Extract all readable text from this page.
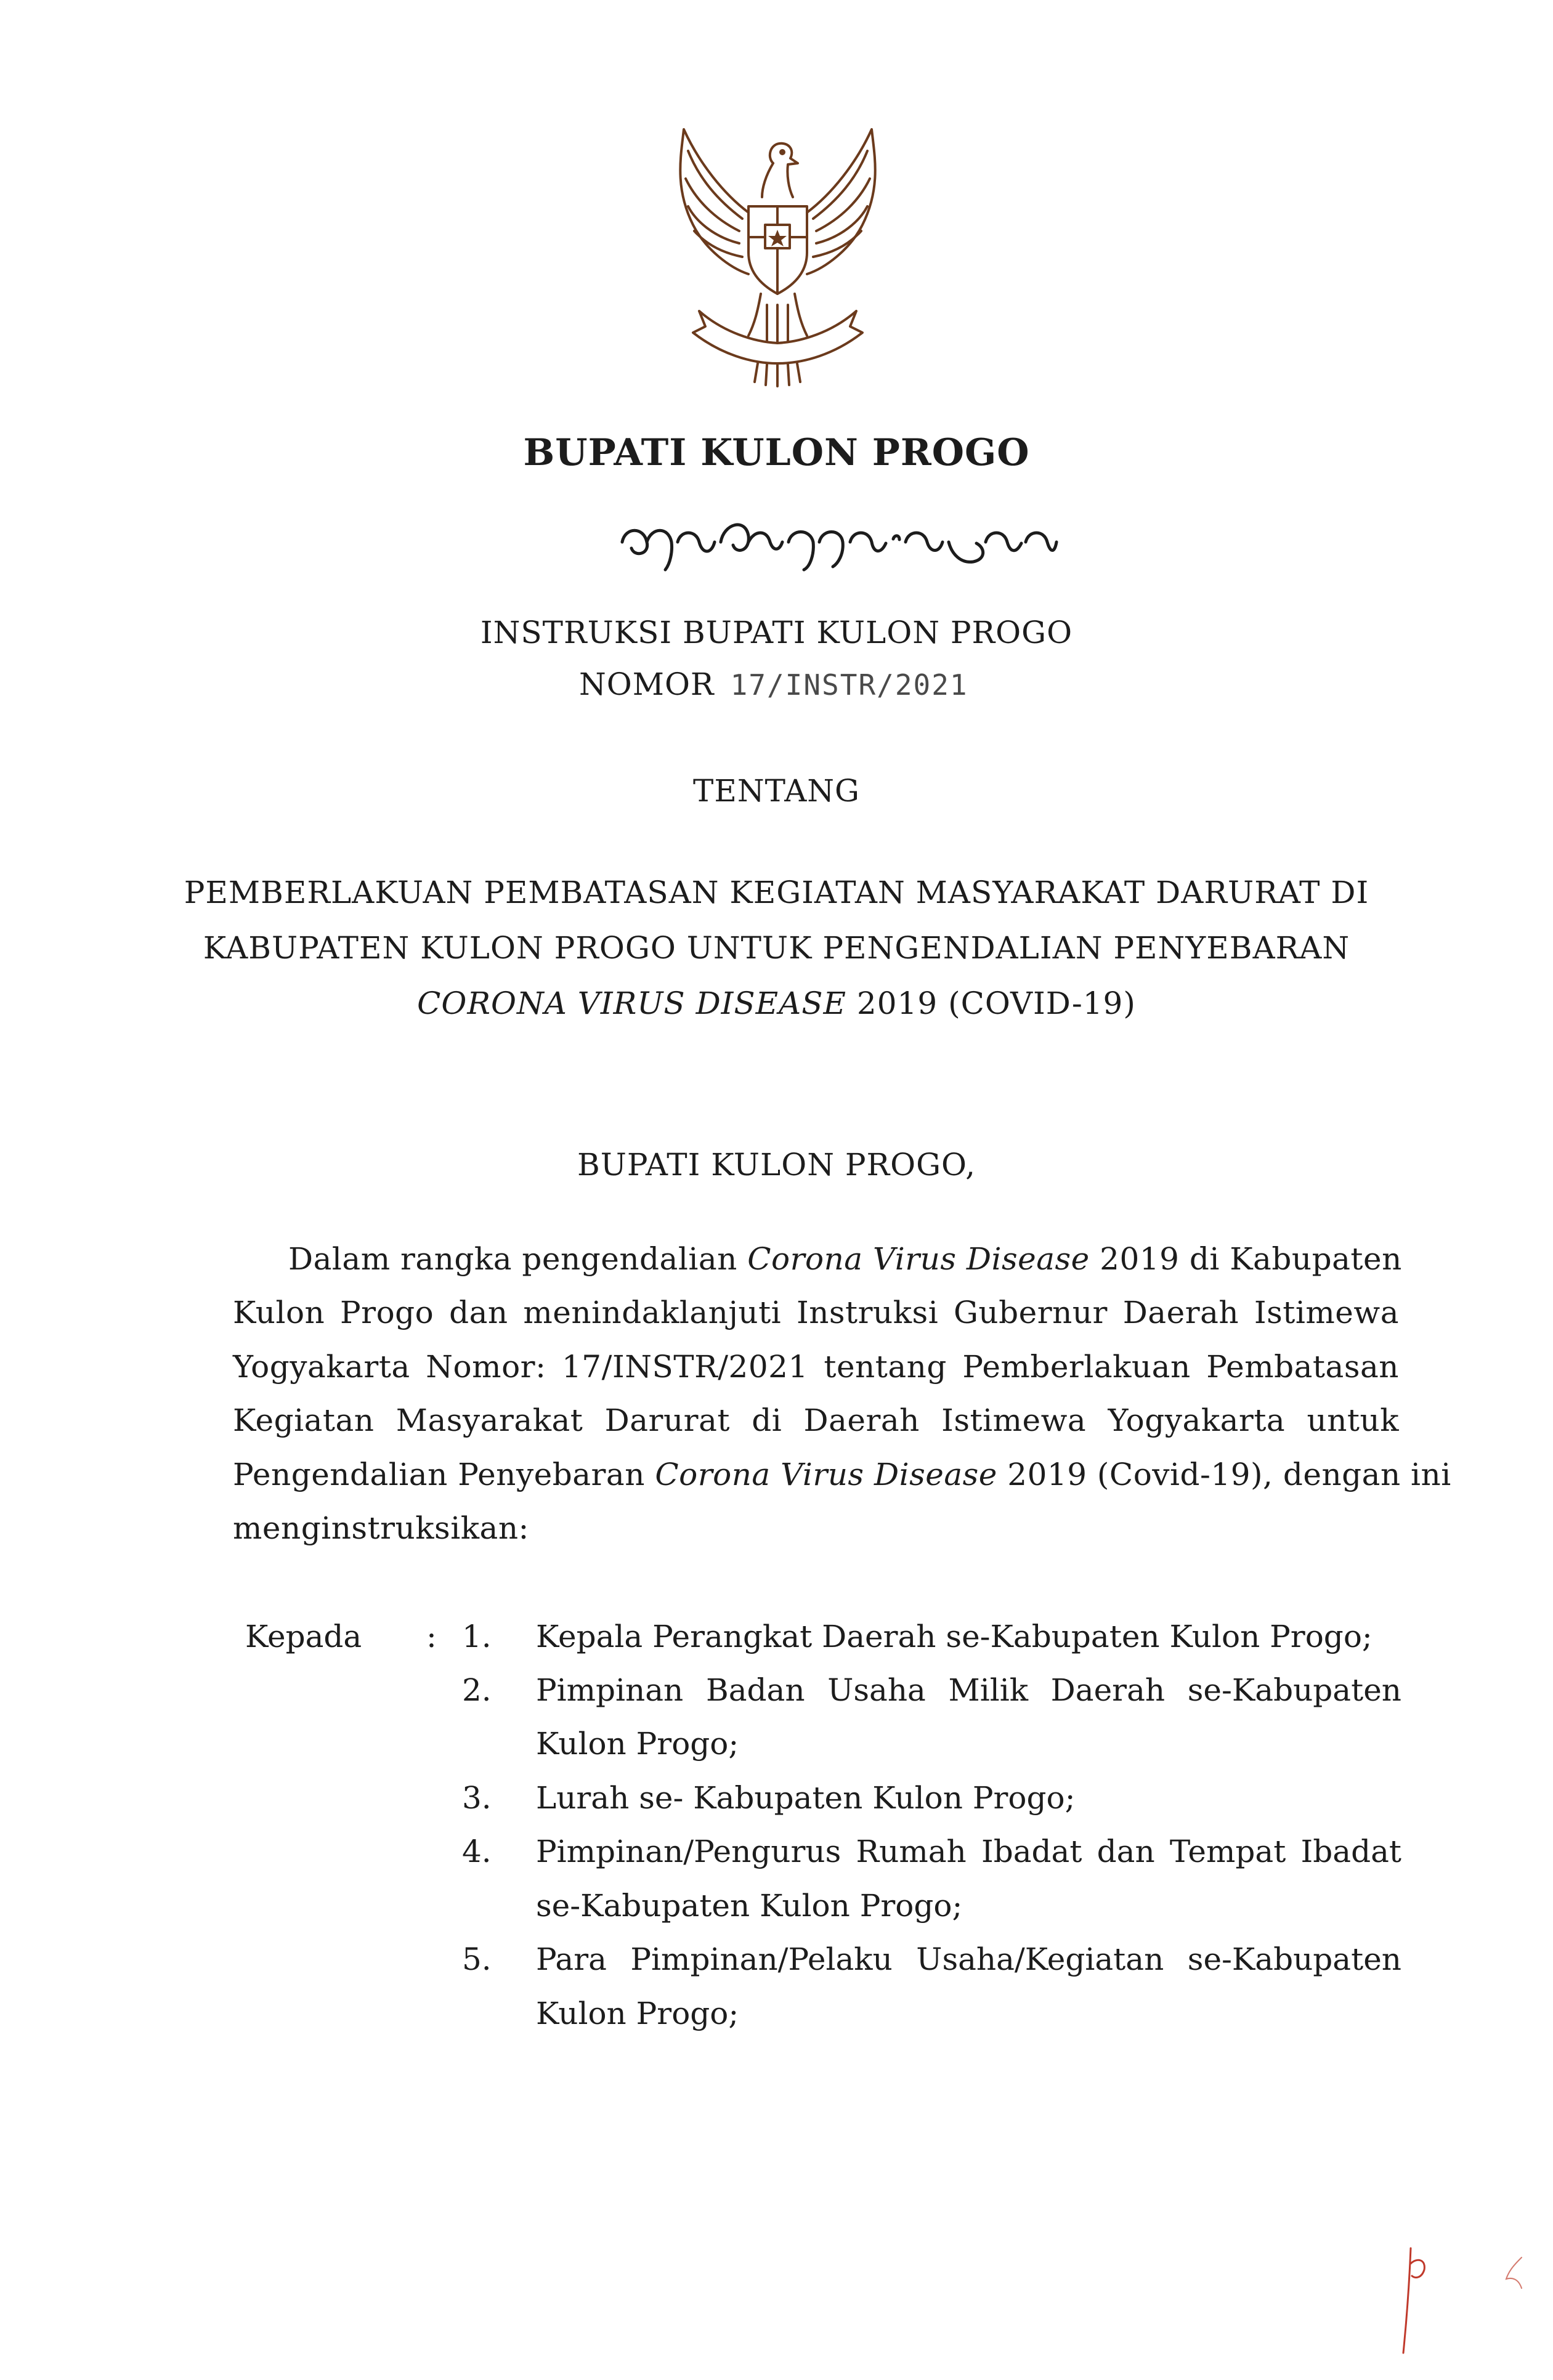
BUPATI KULON PROGO
INSTRUKSI BUPATI KULON PROGO
NOMOR 17/INSTR/2021
TENTANG
PEMBERLAKUAN PEMBATASAN KEGIATAN MASYARAKAT DARURAT DI
KABUPATEN KULON PROGO UNTUK PENGENDALIAN PENYEBARAN
CORONA VIRUS DISEASE 2019 (COVID-19)
BUPATI KULON PROGO,
Dalam rangka pengendalian Corona Virus Disease 2019 di Kabupaten
Kulon Progo dan menindaklanjuti Instruksi Gubernur Daerah Istimewa
Yogyakarta Nomor: 17/INSTR/2021 tentang Pemberlakuan Pembatasan
Kegiatan Masyarakat Darurat di Daerah Istimewa Yogyakarta untuk
Pengendalian Penyebaran Corona Virus Disease 2019 (Covid-19), dengan ini
menginstruksikan:
Kepada : 1.	Kepala Perangkat Daerah se-Kabupaten Kulon Progo;
2.	Pimpinan Badan Usaha Milik Daerah se-Kabupaten
Kulon Progo;
3.	Lurah se- Kabupaten Kulon Progo;
4.	Pimpinan/Pengurus Rumah Ibadat dan Tempat Ibadat
se-Kabupaten Kulon Progo;
5.	Para Pimpinan/Pelaku Usaha/Kegiatan se-Kabupaten
Kulon Progo;
